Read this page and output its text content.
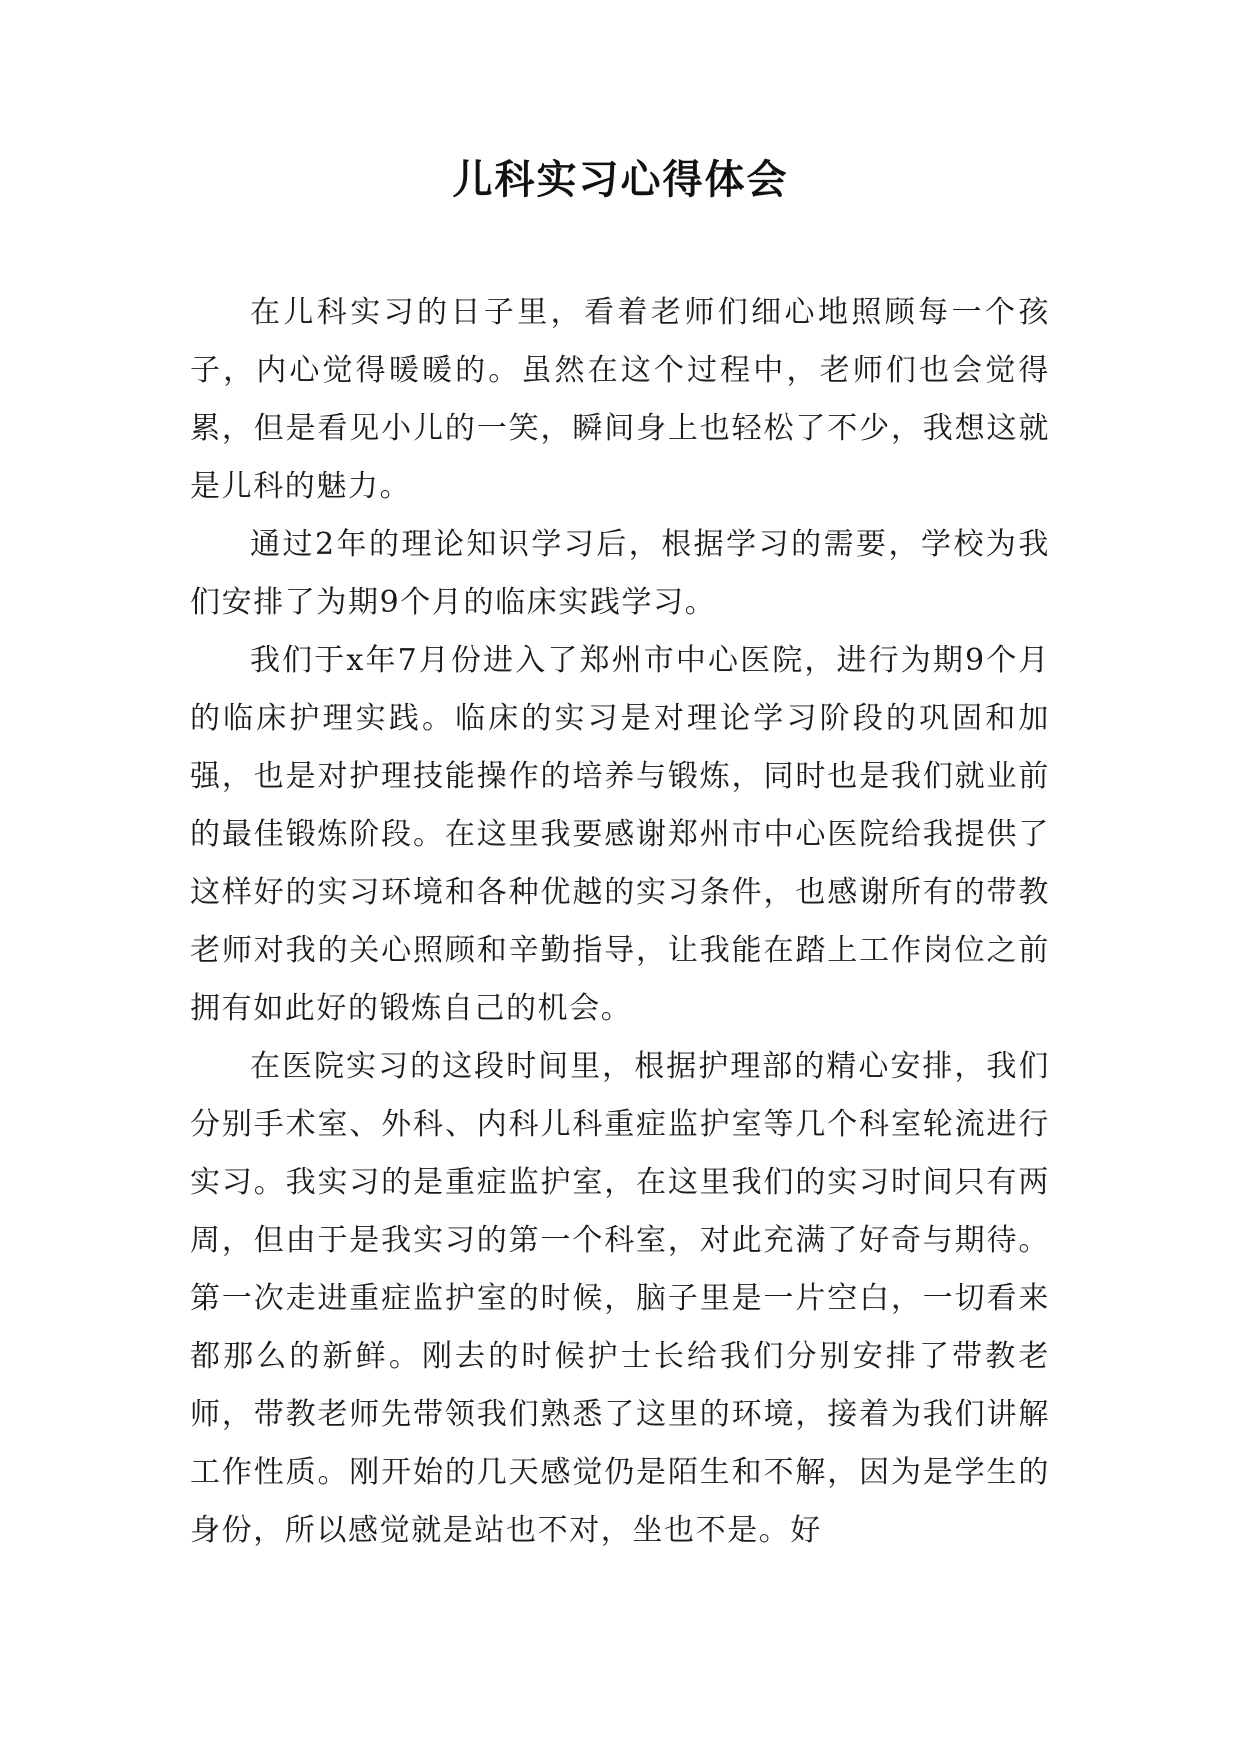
儿科实习心得体会

在儿科实习的日子里，看着老师们细心地照顾每一个孩子，内心觉得暖暖的。虽然在这个过程中，老师们也会觉得累，但是看见小儿的一笑，瞬间身上也轻松了不少，我想这就是儿科的魅力。

通过2年的理论知识学习后，根据学习的需要，学校为我们安排了为期9个月的临床实践学习。

我们于x年7月份进入了郑州市中心医院，进行为期9个月的临床护理实践。临床的实习是对理论学习阶段的巩固和加强，也是对护理技能操作的培养与锻炼，同时也是我们就业前的最佳锻炼阶段。在这里我要感谢郑州市中心医院给我提供了这样好的实习环境和各种优越的实习条件，也感谢所有的带教老师对我的关心照顾和辛勤指导，让我能在踏上工作岗位之前拥有如此好的锻炼自己的机会。

在医院实习的这段时间里，根据护理部的精心安排，我们分别手术室、外科、内科儿科重症监护室等几个科室轮流进行实习。我实习的是重症监护室，在这里我们的实习时间只有两周，但由于是我实习的第一个科室，对此充满了好奇与期待。第一次走进重症监护室的时候，脑子里是一片空白，一切看来都那么的新鲜。刚去的时候护士长给我们分别安排了带教老师，带教老师先带领我们熟悉了这里的环境，接着为我们讲解工作性质。刚开始的几天感觉仍是陌生和不解，因为是学生的身份，所以感觉就是站也不对，坐也不是。好
